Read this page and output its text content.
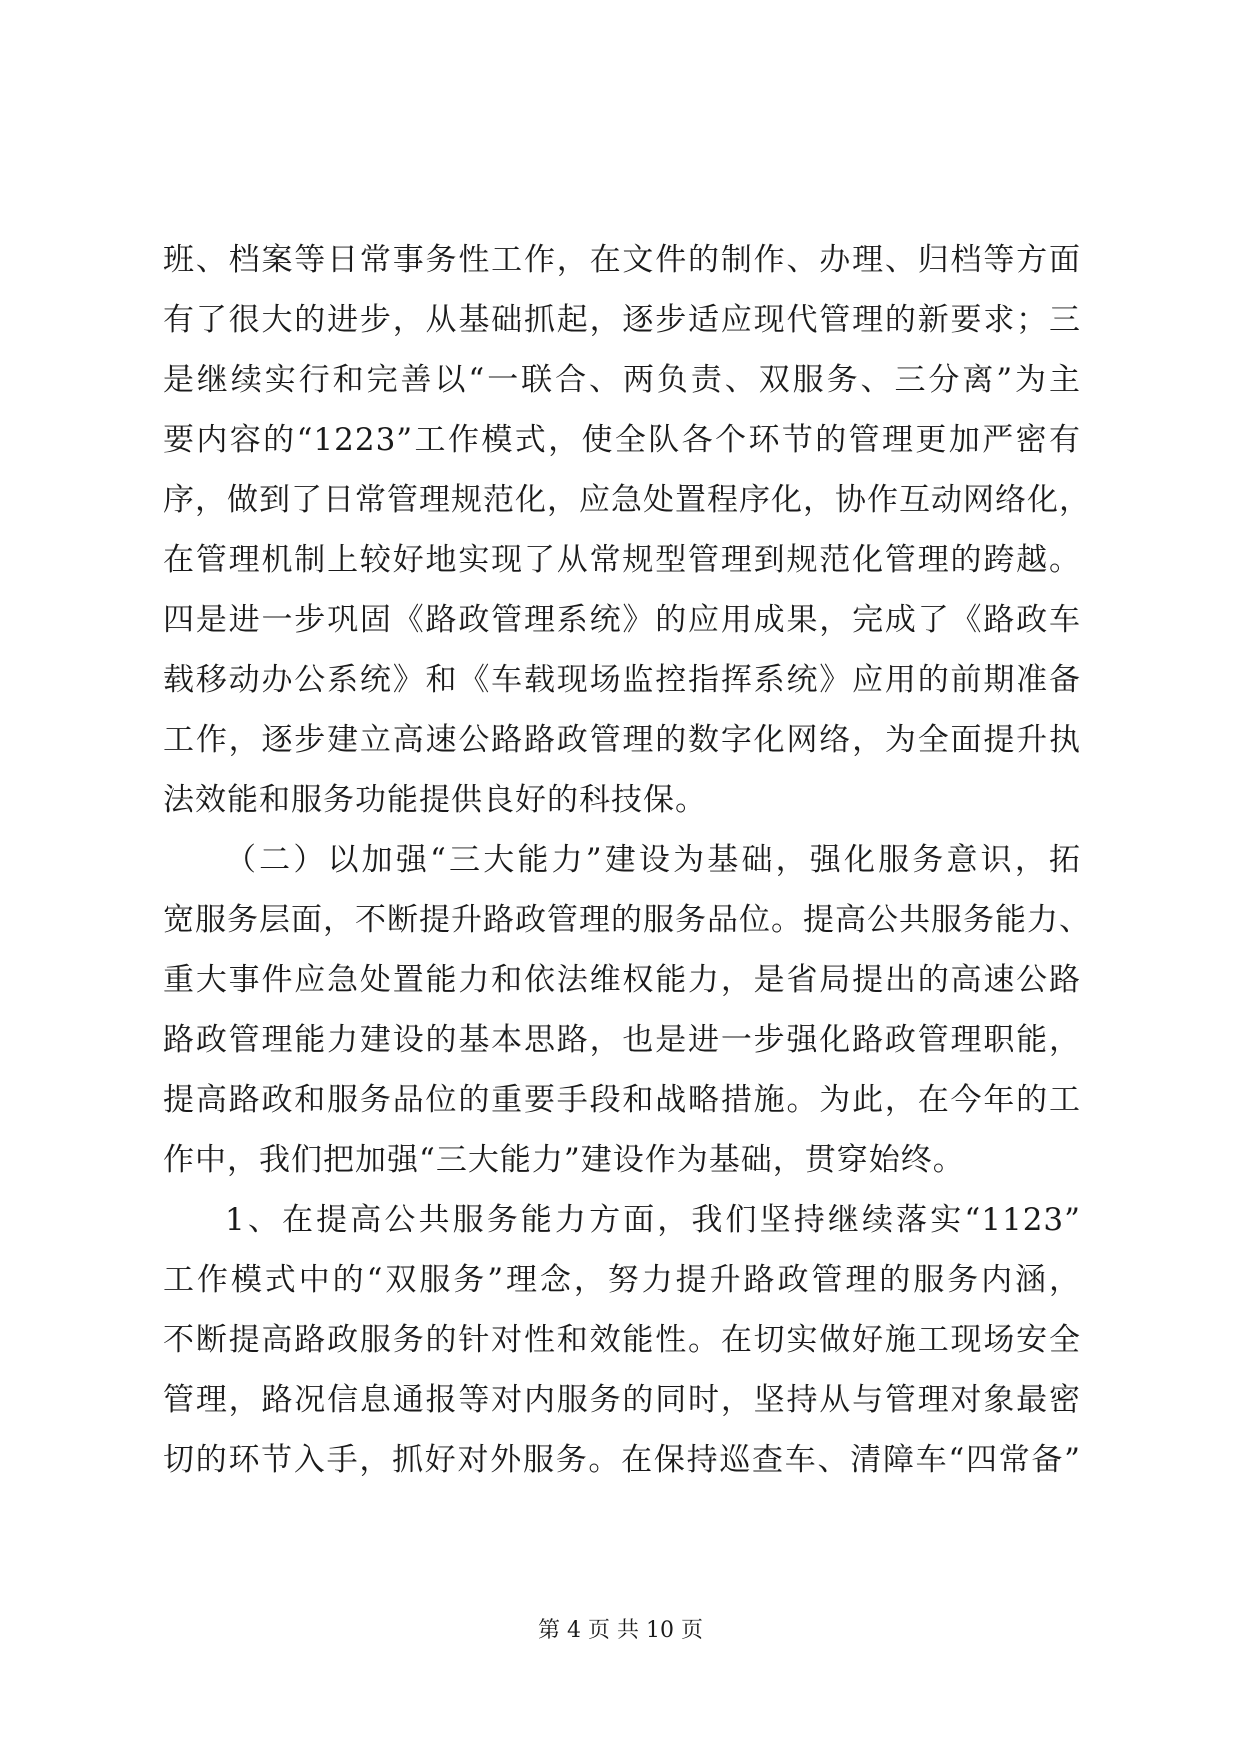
班、档案等日常事务性工作，在文件的制作、办理、归档等方面
有了很大的进步，从基础抓起，逐步适应现代管理的新要求；三
是继续实行和完善以“一联合、两负责、双服务、三分离”为主
要内容的“1223”工作模式，使全队各个环节的管理更加严密有
序，做到了日常管理规范化，应急处置程序化，协作互动网络化，
在管理机制上较好地实现了从常规型管理到规范化管理的跨越。
四是进一步巩固《路政管理系统》的应用成果，完成了《路政车
载移动办公系统》和《车载现场监控指挥系统》应用的前期准备
工作，逐步建立高速公路路政管理的数字化网络，为全面提升执
法效能和服务功能提供良好的科技保。
（二）以加强“三大能力”建设为基础，强化服务意识，拓
宽服务层面，不断提升路政管理的服务品位。提高公共服务能力、
重大事件应急处置能力和依法维权能力，是省局提出的高速公路
路政管理能力建设的基本思路，也是进一步强化路政管理职能，
提高路政和服务品位的重要手段和战略措施。为此，在今年的工
作中，我们把加强“三大能力”建设作为基础，贯穿始终。
1、在提高公共服务能力方面，我们坚持继续落实“1123”
工作模式中的“双服务”理念，努力提升路政管理的服务内涵，
不断提高路政服务的针对性和效能性。在切实做好施工现场安全
管理，路况信息通报等对内服务的同时，坚持从与管理对象最密
切的环节入手，抓好对外服务。在保持巡查车、清障车“四常备”
第 4 页 共 10 页
